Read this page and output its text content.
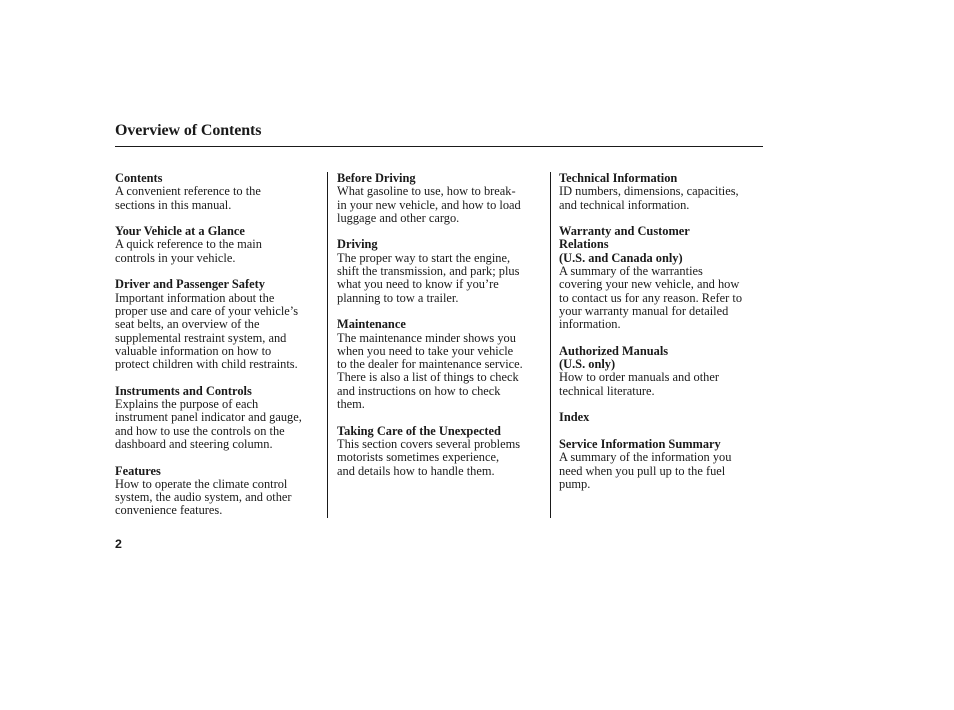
Overview of Contents
Contents
A convenient reference to the
sections in this manual.
Your Vehicle at a Glance
A quick reference to the main
controls in your vehicle.
Driver and Passenger Safety
Important information about the
proper use and care of your vehicle’s
seat belts, an overview of the
supplemental restraint system, and
valuable information on how to
protect children with child restraints.
Instruments and Controls
Explains the purpose of each
instrument panel indicator and gauge,
and how to use the controls on the
dashboard and steering column.
Features
How to operate the climate control
system, the audio system, and other
convenience features.
Before Driving
What gasoline to use, how to break-
in your new vehicle, and how to load
luggage and other cargo.
Driving
The proper way to start the engine,
shift the transmission, and park; plus
what you need to know if you’re
planning to tow a trailer.
Maintenance
The maintenance minder shows you
when you need to take your vehicle
to the dealer for maintenance service.
There is also a list of things to check
and instructions on how to check
them.
Taking Care of the Unexpected
This section covers several problems
motorists sometimes experience,
and details how to handle them.
Technical Information
ID numbers, dimensions, capacities,
and technical information.
Warranty and Customer
Relations
(U.S. and Canada only)
A summary of the warranties
covering your new vehicle, and how
to contact us for any reason. Refer to
your warranty manual for detailed
information.
Authorized Manuals
(U.S. only)
How to order manuals and other
technical literature.
Index
Service Information Summary
A summary of the information you
need when you pull up to the fuel
pump.
2
